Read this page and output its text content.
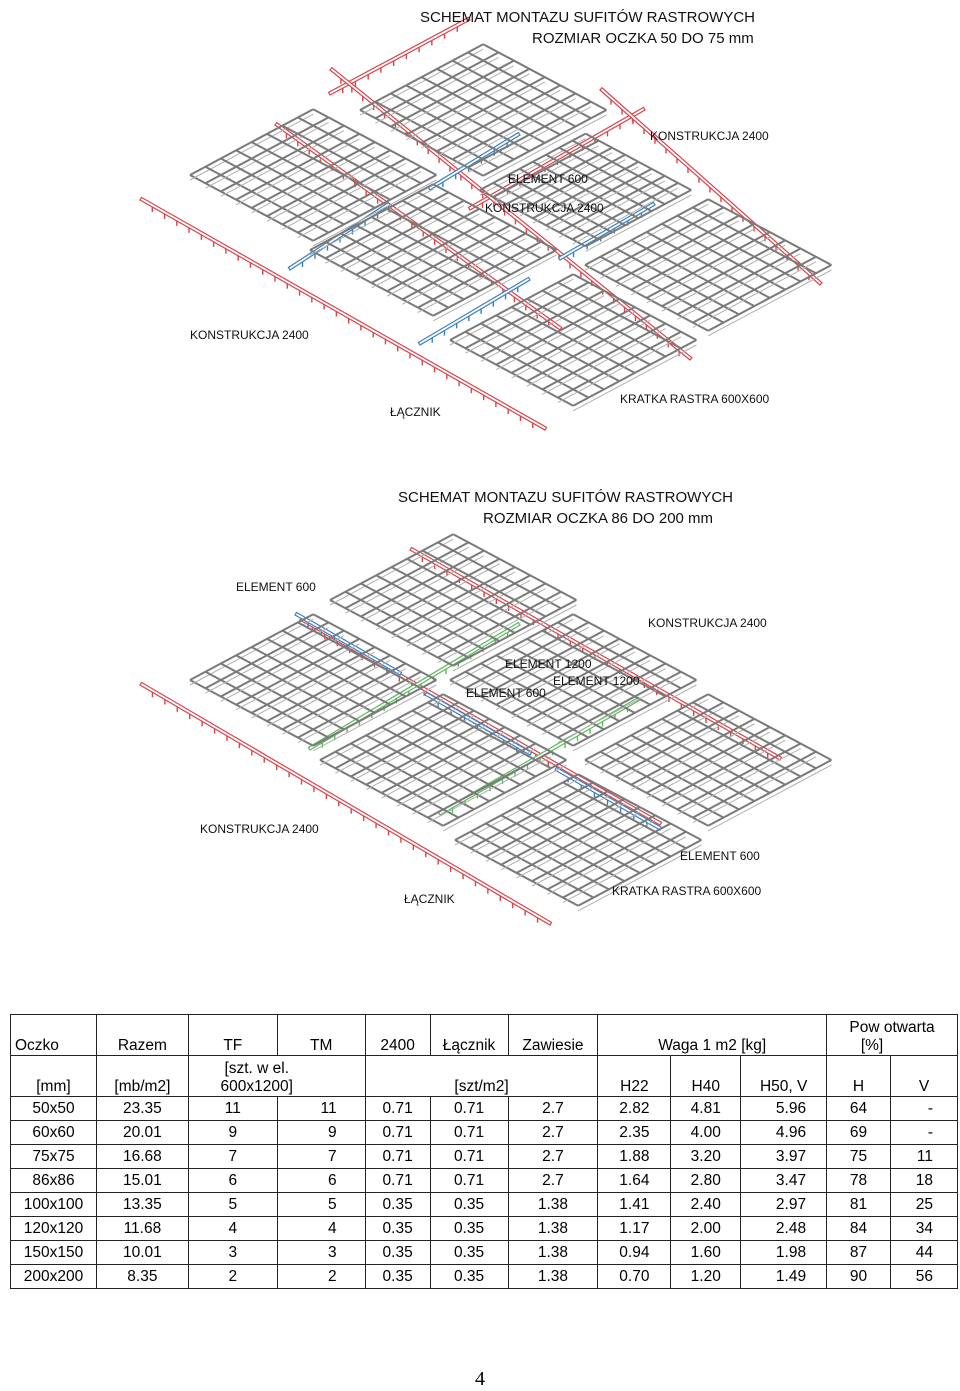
SCHEMAT MONTAZU SUFITÓW RASTROWYCH
ROZMIAR OCZKA 50 DO 75 mm
KONSTRUKCJA 2400
ELEMENT 600
KONSTRUKCJA 2400
KONSTRUKCJA 2400
ŁĄCZNIK
KRATKA RASTRA 600X600
SCHEMAT MONTAZU SUFITÓW RASTROWYCH
ROZMIAR OCZKA 86 DO 200 mm
ELEMENT 600
KONSTRUKCJA 2400
ELEMENT 1200
ELEMENT 1200
ELEMENT 600
KONSTRUKCJA 2400
ELEMENT 600
ŁĄCZNIK
KRATKA RASTRA 600X600
Oczko	Razem	TF	TM	2400	Łącznik	Zawiesie	Waga 1 m2 [kg]			Pow otwarta
[%]	

[mm]	[mb/m2]	[szt. w el.
600x1200]		[szt/m2]			H22	H40	H50, V	H	V
50x50	23.35	11	11	0.71	0.71	2.7	2.82	4.81	5.96	64	-
60x60	20.01	9	9	0.71	0.71	2.7	2.35	4.00	4.96	69	-
75x75	16.68	7	7	0.71	0.71	2.7	1.88	3.20	3.97	75	11
86x86	15.01	6	6	0.71	0.71	2.7	1.64	2.80	3.47	78	18
100x100	13.35	5	5	0.35	0.35	1.38	1.41	2.40	2.97	81	25
120x120	11.68	4	4	0.35	0.35	1.38	1.17	2.00	2.48	84	34
150x150	10.01	3	3	0.35	0.35	1.38	0.94	1.60	1.98	87	44
200x200	8.35	2	2	0.35	0.35	1.38	0.70	1.20	1.49	90	56
4
